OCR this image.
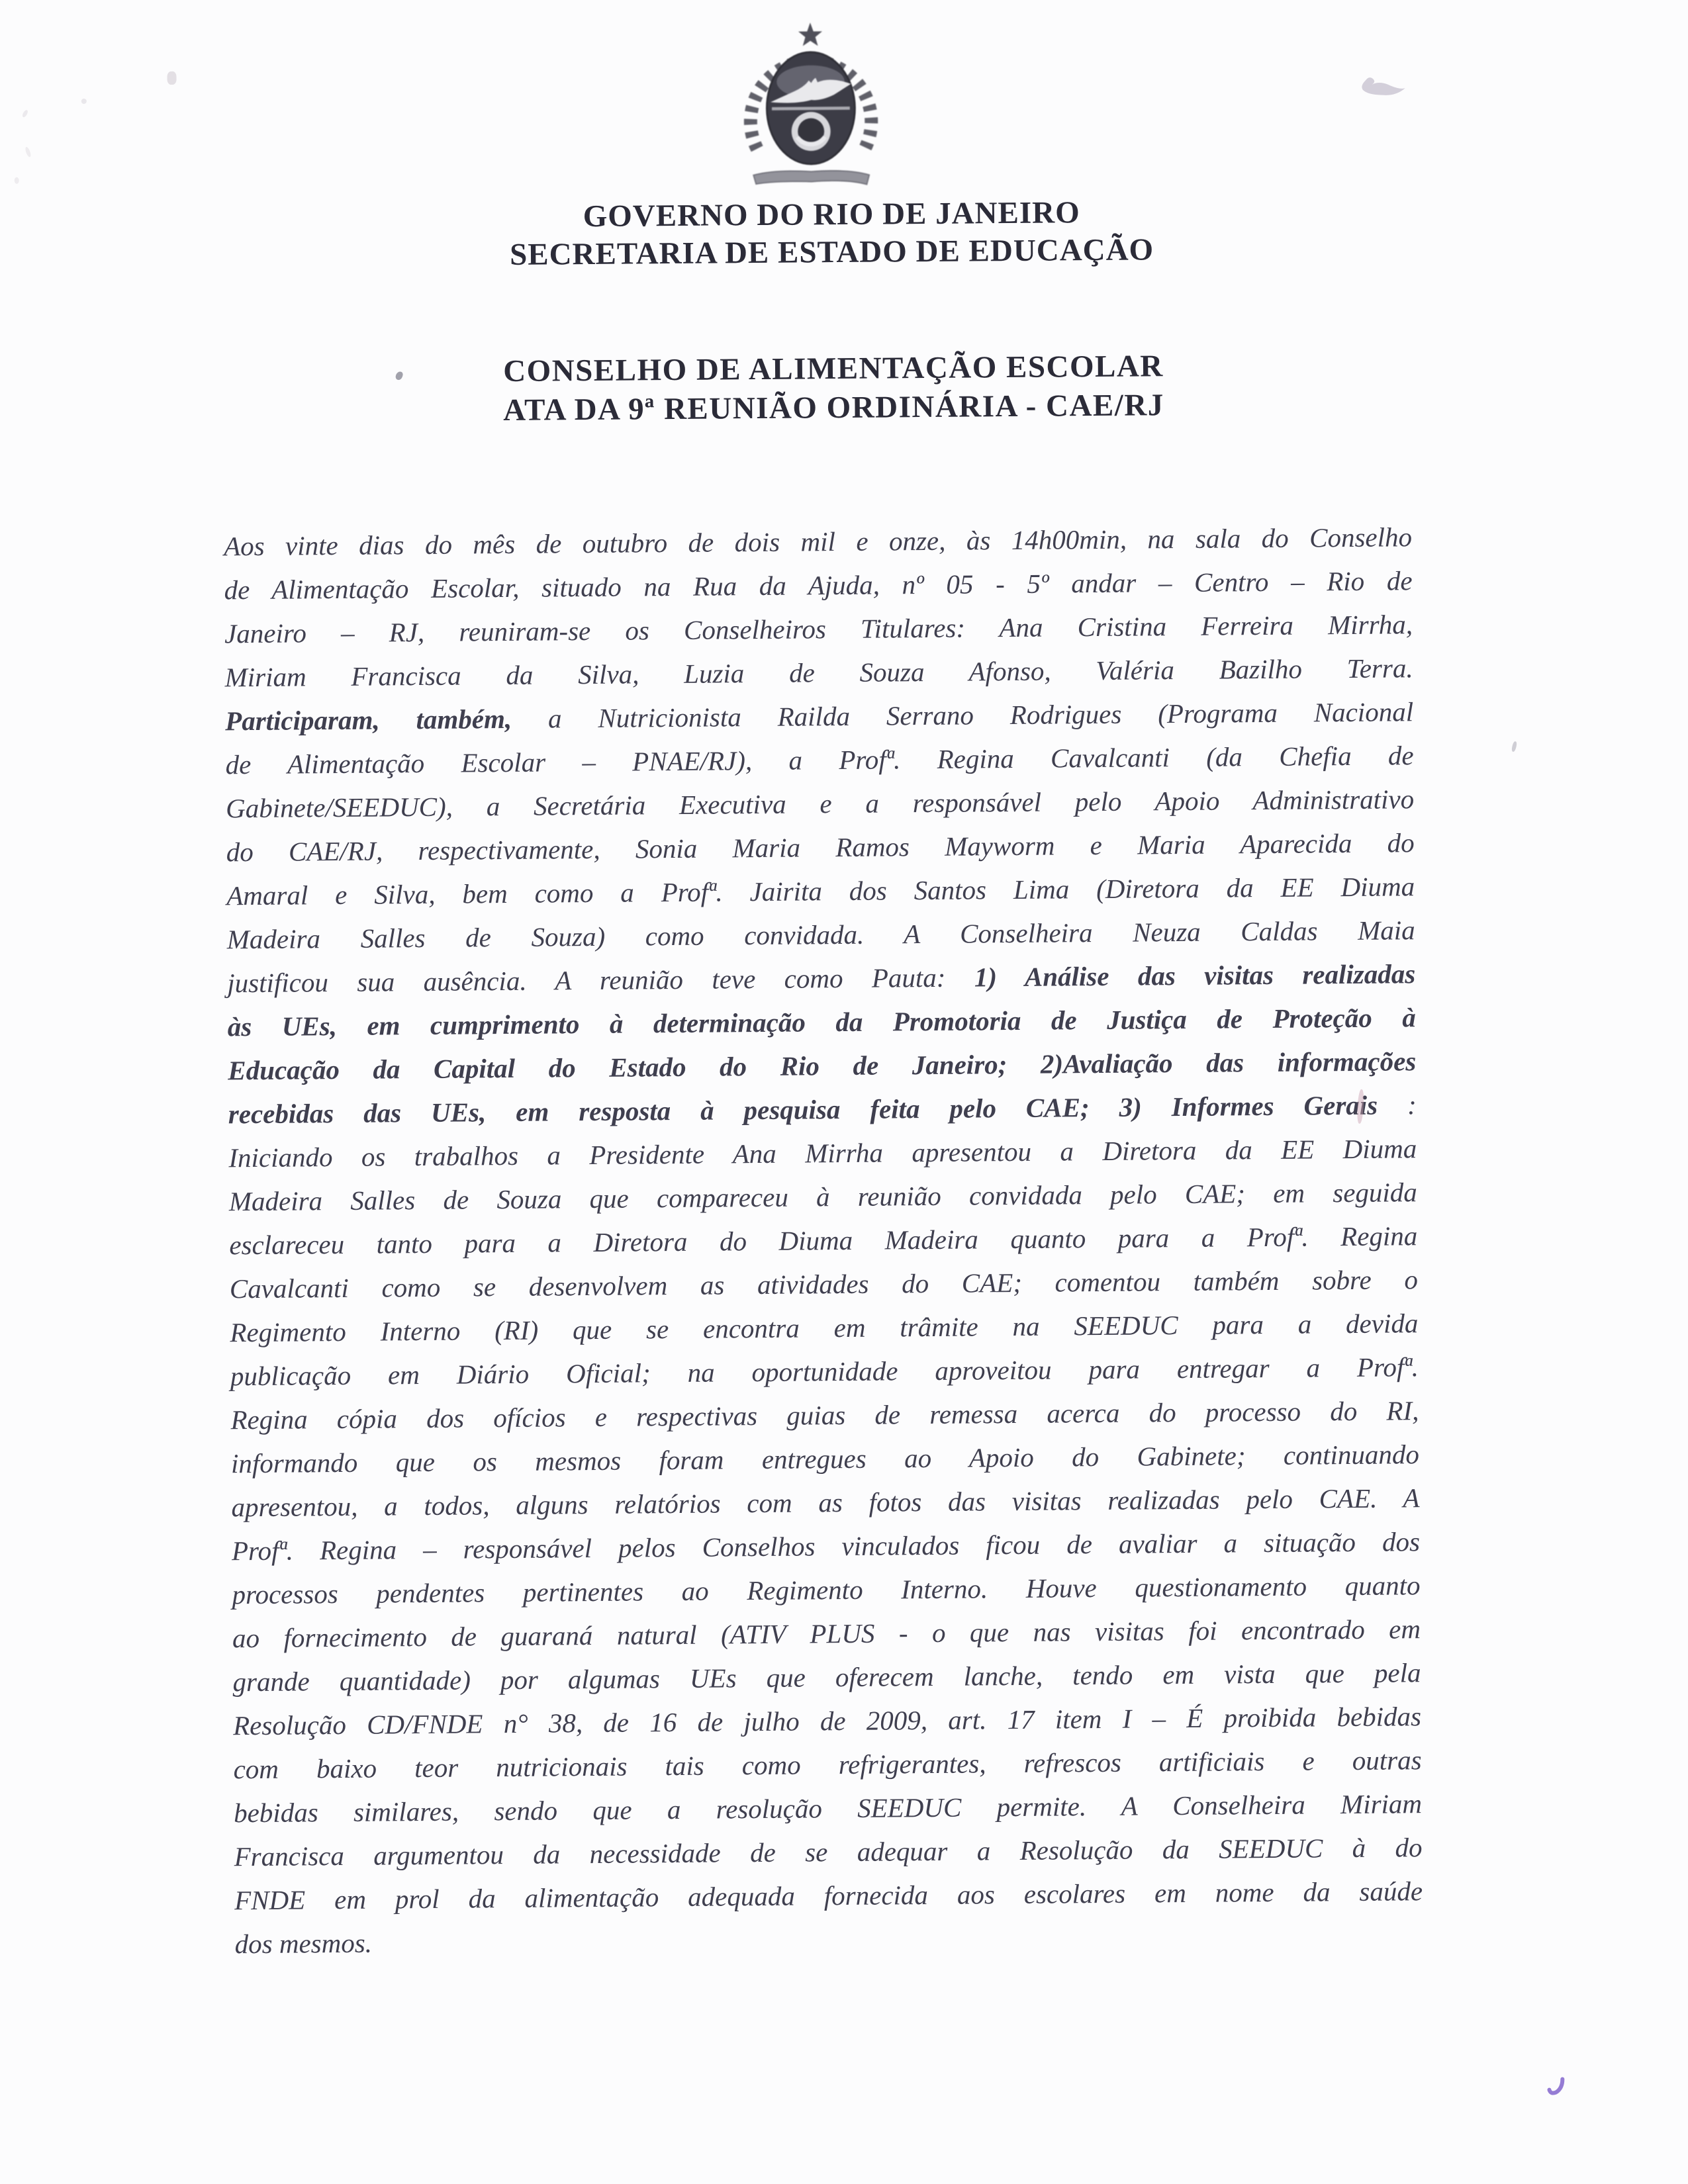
GOVERNO DO RIO DE JANEIRO
SECRETARIA DE ESTADO DE EDUCAÇÃO
CONSELHO DE ALIMENTAÇÃO ESCOLAR
ATA DA 9ª REUNIÃO ORDINÁRIA - CAE/RJ
Aos vinte dias do mês de outubro de dois mil e onze, às 14h00min, na sala do Conselho
de Alimentação Escolar, situado na Rua da Ajuda, nº 05 - 5º andar – Centro – Rio de
Janeiro – RJ, reuniram-se os Conselheiros Titulares: Ana Cristina Ferreira Mirrha,
Miriam Francisca da Silva, Luzia de Souza Afonso, Valéria Bazilho Terra.
Participaram, também, a Nutricionista Railda Serrano Rodrigues (Programa Nacional
de Alimentação Escolar – PNAE/RJ), a Profª. Regina Cavalcanti (da Chefia de
Gabinete/SEEDUC), a Secretária Executiva e a responsável pelo Apoio Administrativo
do CAE/RJ, respectivamente, Sonia Maria Ramos Mayworm e Maria Aparecida do
Amaral e Silva, bem como a Profª. Jairita dos Santos Lima (Diretora da EE Diuma
Madeira Salles de Souza) como convidada. A Conselheira Neuza Caldas Maia
justificou sua ausência. A reunião teve como Pauta: 1) Análise das visitas realizadas
às UEs, em cumprimento à determinação da Promotoria de Justiça de Proteção à
Educação da Capital do Estado do Rio de Janeiro; 2)Avaliação das informações
recebidas das UEs, em resposta à pesquisa feita pelo CAE; 3) Informes Gerais :
Iniciando os trabalhos a Presidente Ana Mirrha apresentou a Diretora da EE Diuma
Madeira Salles de Souza que compareceu à reunião convidada pelo CAE; em seguida
esclareceu tanto para a Diretora do Diuma Madeira quanto para a Profª. Regina
Cavalcanti como se desenvolvem as atividades do CAE; comentou também sobre o
Regimento Interno (RI) que se encontra em trâmite na SEEDUC para a devida
publicação em Diário Oficial; na oportunidade aproveitou para entregar a Profª.
Regina cópia dos ofícios e respectivas guias de remessa acerca do processo do RI,
informando que os mesmos foram entregues ao Apoio do Gabinete; continuando
apresentou, a todos, alguns relatórios com as fotos das visitas realizadas pelo CAE. A
Profª. Regina – responsável pelos Conselhos vinculados ficou de avaliar a situação dos
processos pendentes pertinentes ao Regimento Interno. Houve questionamento quanto
ao fornecimento de guaraná natural (ATIV PLUS - o que nas visitas foi encontrado em
grande quantidade) por algumas UEs que oferecem lanche, tendo em vista que pela
Resolução CD/FNDE n° 38, de 16 de julho de 2009, art. 17 item I – É proibida bebidas
com baixo teor nutricionais tais como refrigerantes, refrescos artificiais e outras
bebidas similares, sendo que a resolução SEEDUC permite. A Conselheira Miriam
Francisca argumentou da necessidade de se adequar a Resolução da SEEDUC à do
FNDE em prol da alimentação adequada fornecida aos escolares em nome da saúde
dos mesmos.
